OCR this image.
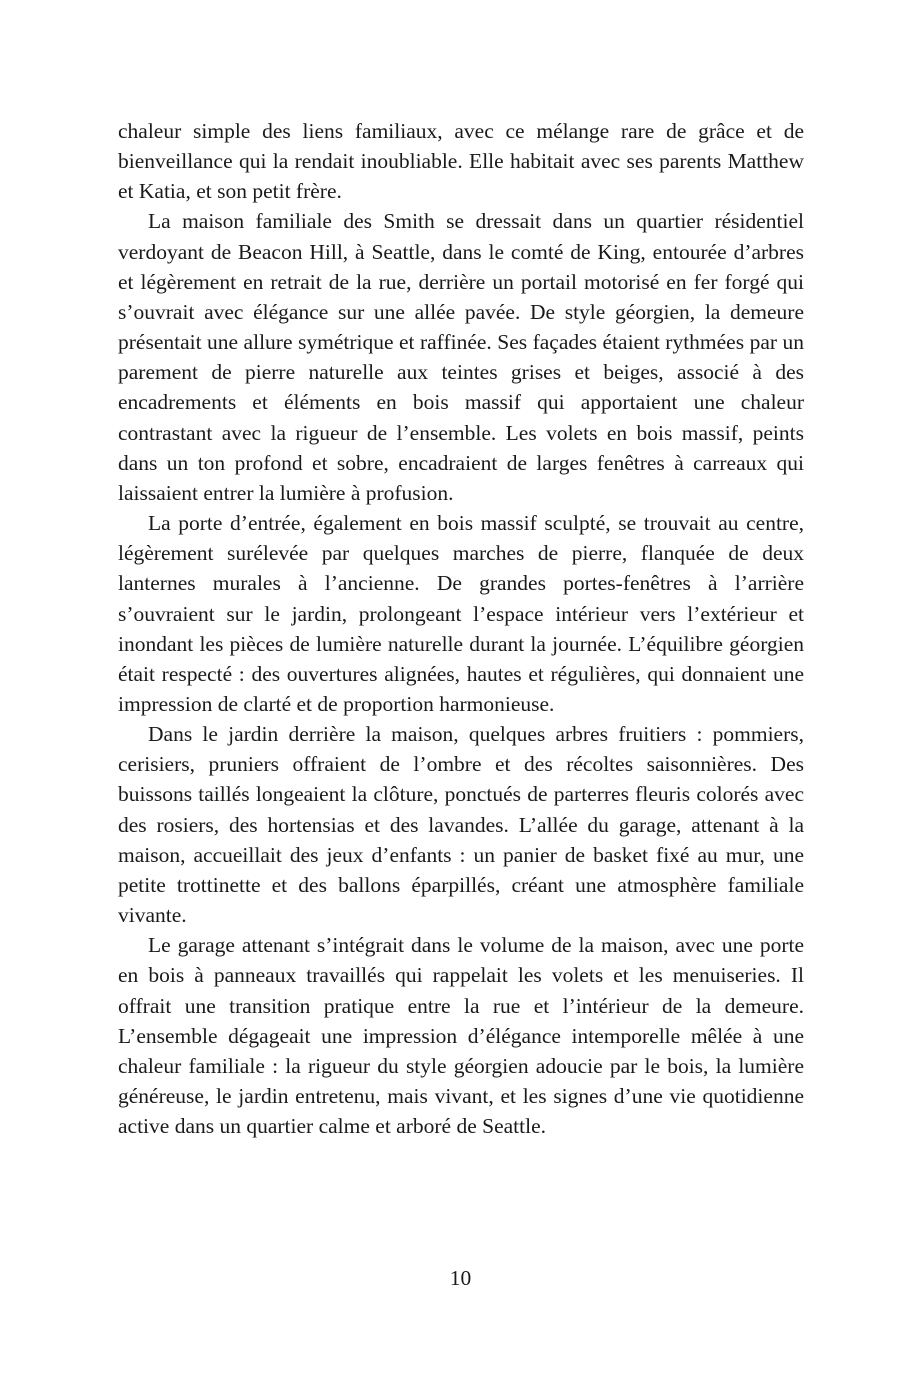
chaleur simple des liens familiaux, avec ce mélange rare de grâce et de bienveillance qui la rendait inoubliable. Elle habitait avec ses parents Matthew et Katia, et son petit frère.

La maison familiale des Smith se dressait dans un quartier résidentiel verdoyant de Beacon Hill, à Seattle, dans le comté de King, entourée d’arbres et légèrement en retrait de la rue, derrière un portail motorisé en fer forgé qui s’ouvrait avec élégance sur une allée pavée. De style géorgien, la demeure présentait une allure symétrique et raffinée. Ses façades étaient rythmées par un parement de pierre naturelle aux teintes grises et beiges, associé à des encadrements et éléments en bois massif qui apportaient une chaleur contrastant avec la rigueur de l’ensemble. Les volets en bois massif, peints dans un ton profond et sobre, encadraient de larges fenêtres à carreaux qui laissaient entrer la lumière à profusion.

La porte d’entrée, également en bois massif sculpté, se trouvait au centre, légèrement surélevée par quelques marches de pierre, flanquée de deux lanternes murales à l’ancienne. De grandes portes-fenêtres à l’arrière s’ouvraient sur le jardin, prolongeant l’espace intérieur vers l’extérieur et inondant les pièces de lumière naturelle durant la journée. L’équilibre géorgien était respecté : des ouvertures alignées, hautes et régulières, qui donnaient une impression de clarté et de proportion harmonieuse.

Dans le jardin derrière la maison, quelques arbres fruitiers : pommiers, cerisiers, pruniers offraient de l’ombre et des récoltes saisonnières. Des buissons taillés longeaient la clôture, ponctués de parterres fleuris colorés avec des rosiers, des hortensias et des lavandes. L’allée du garage, attenant à la maison, accueillait des jeux d’enfants : un panier de basket fixé au mur, une petite trottinette et des ballons éparpillés, créant une atmosphère familiale vivante.

Le garage attenant s’intégrait dans le volume de la maison, avec une porte en bois à panneaux travaillés qui rappelait les volets et les menuiseries. Il offrait une transition pratique entre la rue et l’intérieur de la demeure. L’ensemble dégageait une impression d’élégance intemporelle mêlée à une chaleur familiale : la rigueur du style géorgien adoucie par le bois, la lumière généreuse, le jardin entretenu, mais vivant, et les signes d’une vie quotidienne active dans un quartier calme et arboré de Seattle.

10
